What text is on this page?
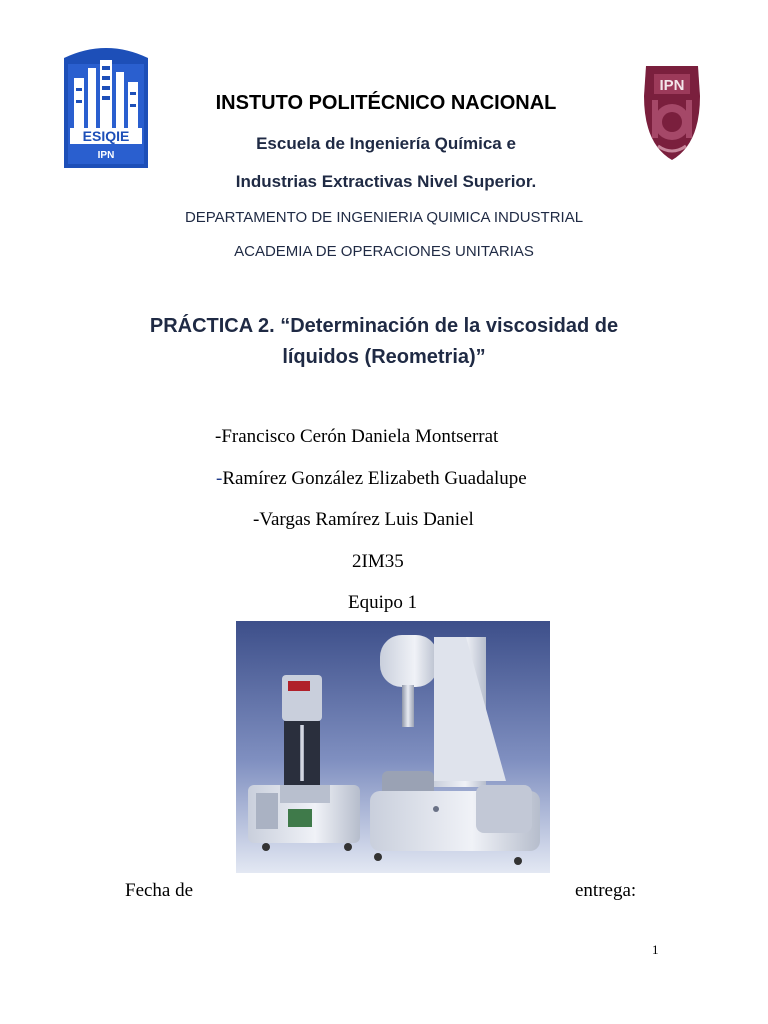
ESIQIE
IPN
IPN
INSTUTO POLITÉCNICO NACIONAL
Escuela de Ingeniería Química e
Industrias Extractivas Nivel Superior.
DEPARTAMENTO DE INGENIERIA QUIMICA INDUSTRIAL
ACADEMIA DE OPERACIONES UNITARIAS
PRÁCTICA 2. “Determinación de la viscosidad de
líquidos (Reometria)”
-Francisco Cerón Daniela Montserrat
-Ramírez González Elizabeth Guadalupe
-Vargas Ramírez Luis Daniel
2IM35
Equipo 1
Fecha de	entrega:
1
